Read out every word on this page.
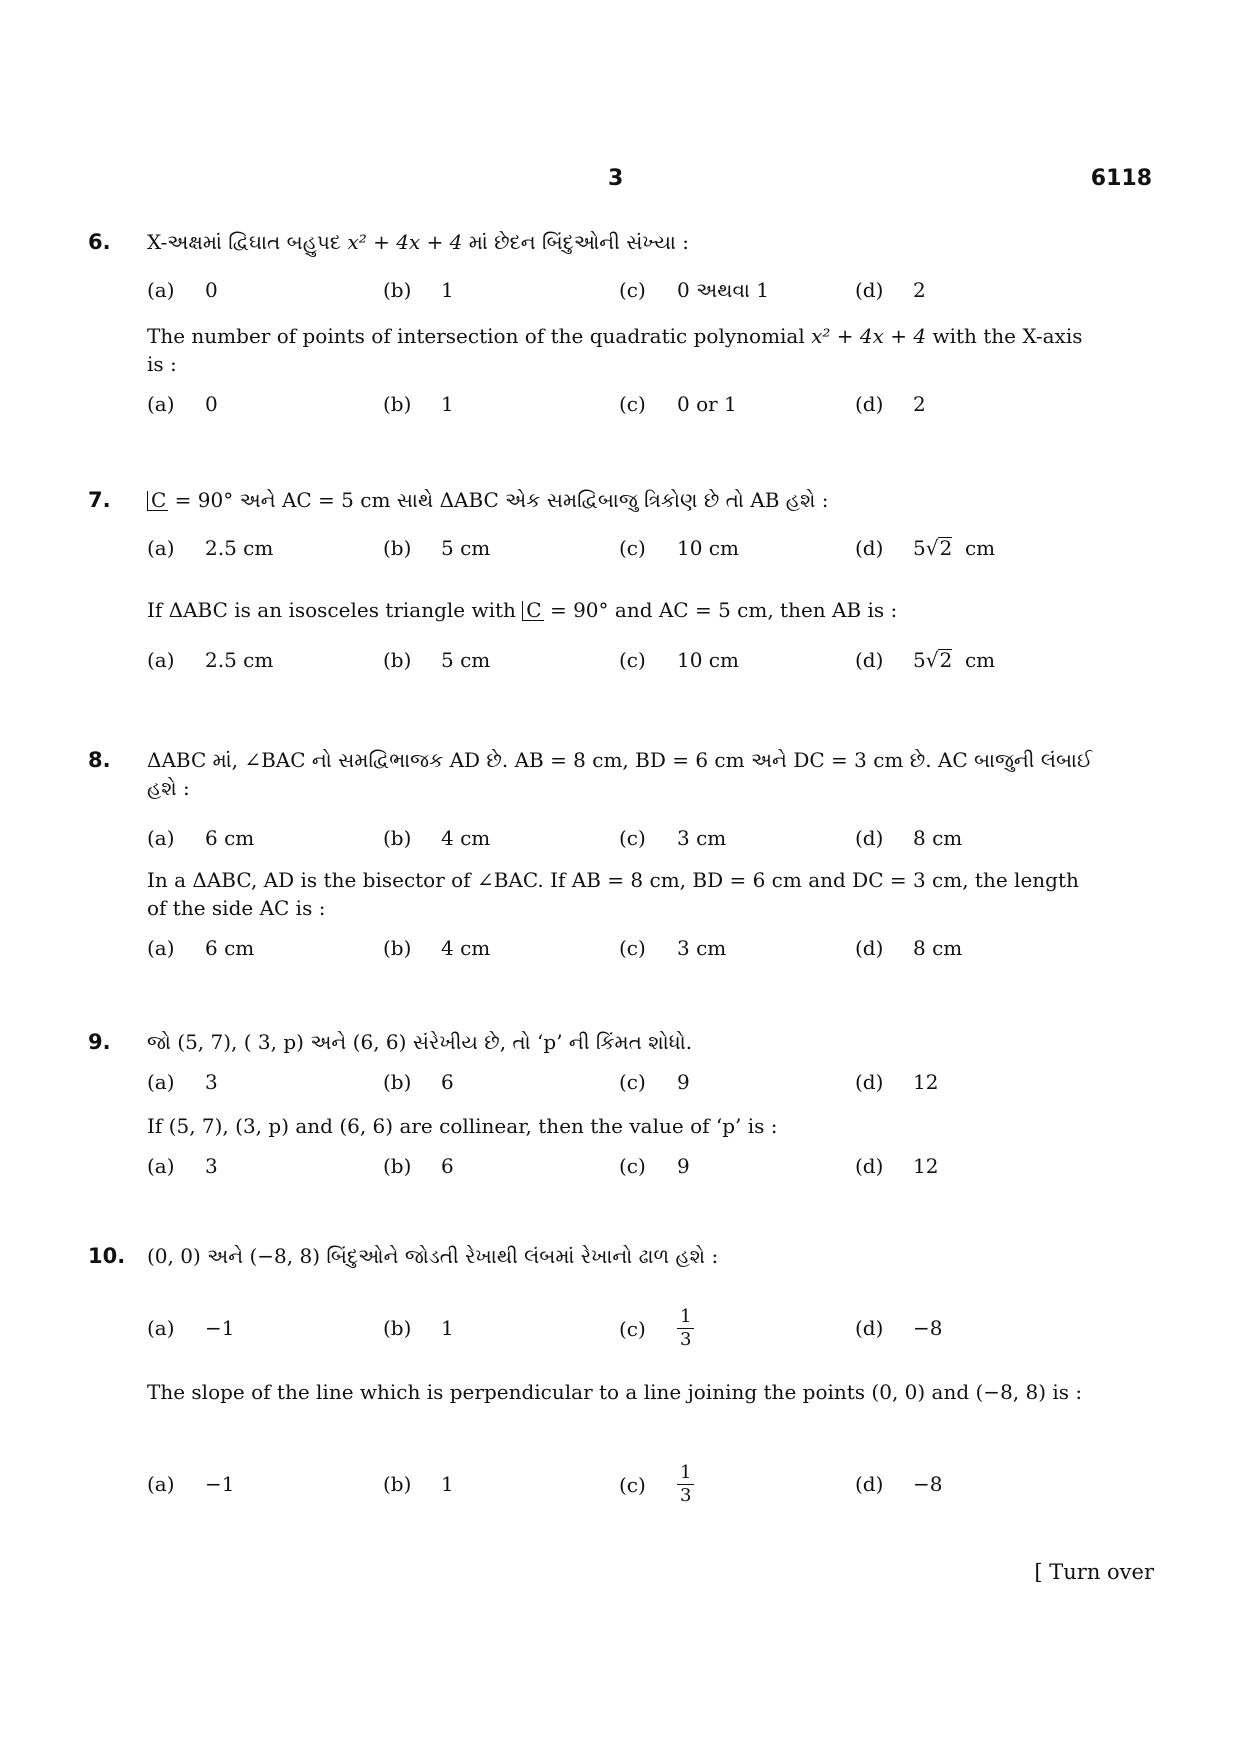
3	6118
6. X-અક્ષમાં દ્વિઘાત બહુપદ x² + 4x + 4 માં છેદન બિંદુઓની સંખ્યા :
(a) 0	(b) 1	(c) 0 અથવા 1	(d) 2
The number of points of intersection of the quadratic polynomial x² + 4x + 4 with the X-axis is :
(a) 0	(b) 1	(c) 0 or 1	(d) 2
7. C = 90° અને AC = 5 cm સાથે ΔABC એક સમદ્વિબાજુ ત્રિકોણ છે તો AB હશે :
(a) 2.5 cm	(b) 5 cm	(c) 10 cm	(d) 5√2 cm
If ΔABC is an isosceles triangle with C = 90° and AC = 5 cm, then AB is :
(a) 2.5 cm	(b) 5 cm	(c) 10 cm	(d) 5√2 cm
8. ΔABC માં, ∠BAC નો સમદ્વિભાજક AD છે. AB = 8 cm, BD = 6 cm અને DC = 3 cm છે. AC બાજુની લંબાઈ હશે :
(a) 6 cm	(b) 4 cm	(c) 3 cm	(d) 8 cm
In a ΔABC, AD is the bisector of ∠BAC. If AB = 8 cm, BD = 6 cm and DC = 3 cm, the length of the side AC is :
(a) 6 cm	(b) 4 cm	(c) 3 cm	(d) 8 cm
9. જો (5, 7), ( 3, p) અને (6, 6) સંરેખીય છે, તો ‘p’ ની કિંમત શોધો.
(a) 3	(b) 6	(c) 9	(d) 12
If (5, 7), (3, p) and (6, 6) are collinear, then the value of ‘p’ is :
(a) 3	(b) 6	(c) 9	(d) 12
10. (0, 0) અને (−8, 8) બિંદુઓને જોડતી રેખાથી લંબમાં રેખાનો ઢાળ હશે :
(a) −1	(b) 1	$(c) \frac{1}{3}$	(d) −8
The slope of the line which is perpendicular to a line joining the points (0, 0) and (−8, 8) is :
(a) −1	(b) 1	$(c) \frac{1}{3}$	(d) −8
[ Turn over
